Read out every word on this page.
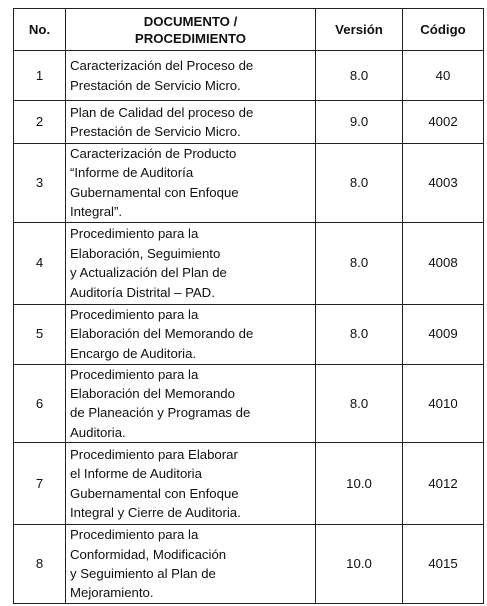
No.	DOCUMENTO /
PROCEDIMIENTO	Versión	Código
1	Caracterización del Proceso de
Prestación de Servicio Micro.	8.0	40
2	Plan de Calidad del proceso de
Prestación de Servicio Micro.	9.0	4002
3	Caracterización de Producto
“Informe de Auditoría
Gubernamental con Enfoque
Integral”.	8.0	4003
4	Procedimiento para la
Elaboración, Seguimiento
y Actualización del Plan de
Auditoría Distrital – PAD.	8.0	4008
5	Procedimiento para la
Elaboración del Memorando de
Encargo de Auditoria.	8.0	4009
6	Procedimiento para la
Elaboración del Memorando
de Planeación y Programas de
Auditoria.	8.0	4010
7	Procedimiento para Elaborar
el Informe de Auditoria
Gubernamental con Enfoque
Integral y Cierre de Auditoria.	10.0	4012
8	Procedimiento para la
Conformidad, Modificación
y Seguimiento al Plan de
Mejoramiento.	10.0	4015
